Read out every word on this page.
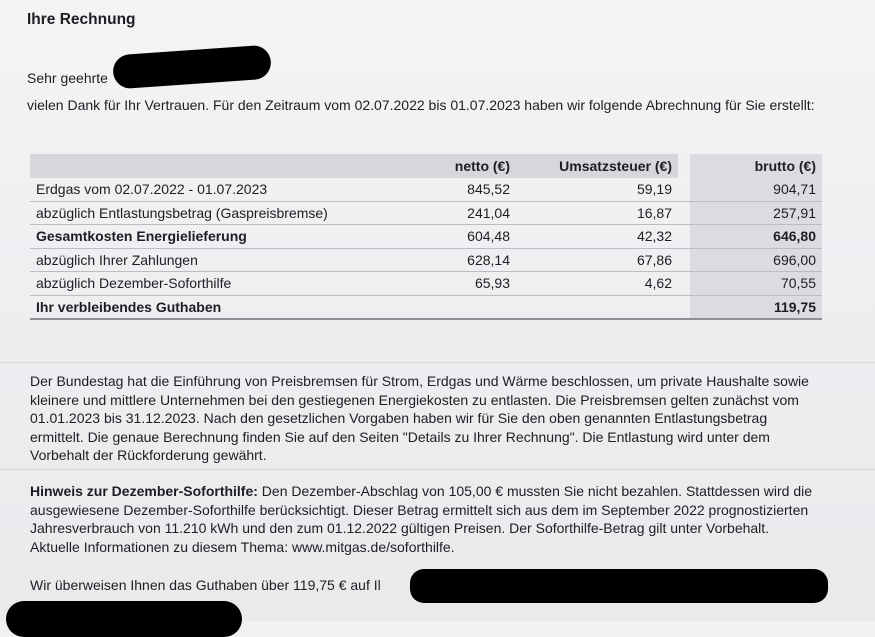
Ihre Rechnung

Sehr geehrte

vielen Dank für Ihr Vertrauen. Für den Zeitraum vom 02.07.2022 bis 01.07.2023 haben wir folgende Abrechnung für Sie erstellt:

	netto (€)	Umsatzsteuer (€)		brutto (€)
Erdgas vom 02.07.2022 - 01.07.2023	845,52	59,19		904,71
abzüglich Entlastungsbetrag (Gaspreisbremse)	241,04	16,87		257,91
Gesamtkosten Energielieferung	604,48	42,32		646,80
abzüglich Ihrer Zahlungen	628,14	67,86		696,00
abzüglich Dezember-Soforthilfe	65,93	4,62		70,55
Ihr verbleibendes Guthaben				119,75

Der Bundestag hat die Einführung von Preisbremsen für Strom, Erdgas und Wärme beschlossen, um private Haushalte sowie kleinere und mittlere Unternehmen bei den gestiegenen Energiekosten zu entlasten. Die Preisbremsen gelten zunächst vom 01.01.2023 bis 31.12.2023. Nach den gesetzlichen Vorgaben haben wir für Sie den oben genannten Entlastungsbetrag ermittelt. Die genaue Berechnung finden Sie auf den Seiten "Details zu Ihrer Rechnung". Die Entlastung wird unter dem Vorbehalt der Rückforderung gewährt.

Hinweis zur Dezember-Soforthilfe: Den Dezember-Abschlag von 105,00 € mussten Sie nicht bezahlen. Stattdessen wird die ausgewiesene Dezember-Soforthilfe berücksichtigt. Dieser Betrag ermittelt sich aus dem im September 2022 prognostizierten Jahresverbrauch von 11.210 kWh und den zum 01.12.2022 gültigen Preisen. Der Soforthilfe-Betrag gilt unter Vorbehalt. Aktuelle Informationen zu diesem Thema: www.mitgas.de/soforthilfe.

Wir überweisen Ihnen das Guthaben über 119,75 € auf Il
